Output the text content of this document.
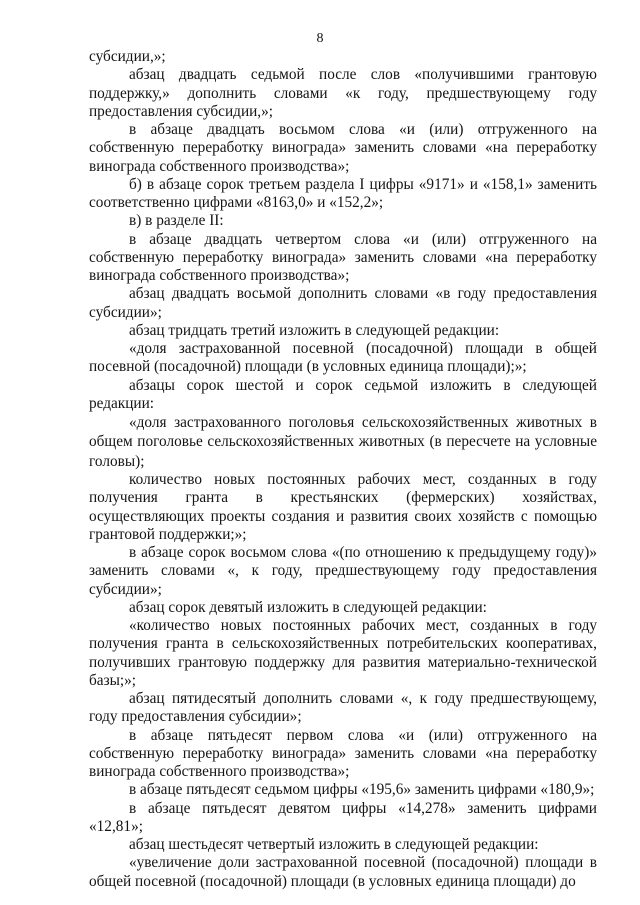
8

субсидии,»;

абзац двадцать седьмой после слов «получившими грантовую поддержку,» дополнить словами «к году, предшествующему году предоставления субсидии,»;

в абзаце двадцать восьмом слова «и (или) отгруженного на собственную переработку винограда» заменить словами «на переработку винограда собственного производства»;

б) в абзаце сорок третьем раздела I цифры «9171» и «158,1» заменить соответственно цифрами «8163,0» и «152,2»;

в) в разделе II:

в абзаце двадцать четвертом слова «и (или) отгруженного на собственную переработку винограда» заменить словами «на переработку винограда собственного производства»;

абзац двадцать восьмой дополнить словами «в году предоставления субсидии»;

абзац тридцать третий изложить в следующей редакции:

«доля застрахованной посевной (посадочной) площади в общей посевной (посадочной) площади (в условных единица площади);»;

абзацы сорок шестой и сорок седьмой изложить в следующей редакции:

«доля застрахованного поголовья сельскохозяйственных животных в общем поголовье сельскохозяйственных животных (в пересчете на условные головы);

количество новых постоянных рабочих мест, созданных в году получения гранта в крестьянских (фермерских) хозяйствах, осуществляющих проекты создания и развития своих хозяйств с помощью грантовой поддержки;»;

в абзаце сорок восьмом слова «(по отношению к предыдущему году)» заменить словами «, к году, предшествующему году предоставления субсидии»;

абзац сорок девятый изложить в следующей редакции:

«количество новых постоянных рабочих мест, созданных в году получения гранта в сельскохозяйственных потребительских кооперативах, получивших грантовую поддержку для развития материально-технической базы;»;

абзац пятидесятый дополнить словами «, к году предшествующему, году предоставления субсидии»;

в абзаце пятьдесят первом слова «и (или) отгруженного на собственную переработку винограда» заменить словами «на переработку винограда собственного производства»;

в абзаце пятьдесят седьмом цифры «195,6» заменить цифрами «180,9»;

в абзаце пятьдесят девятом цифры «14,278» заменить цифрами «12,81»;

абзац шестьдесят четвертый изложить в следующей редакции:

«увеличение доли застрахованной посевной (посадочной) площади в общей посевной (посадочной) площади (в условных единица площади) до
